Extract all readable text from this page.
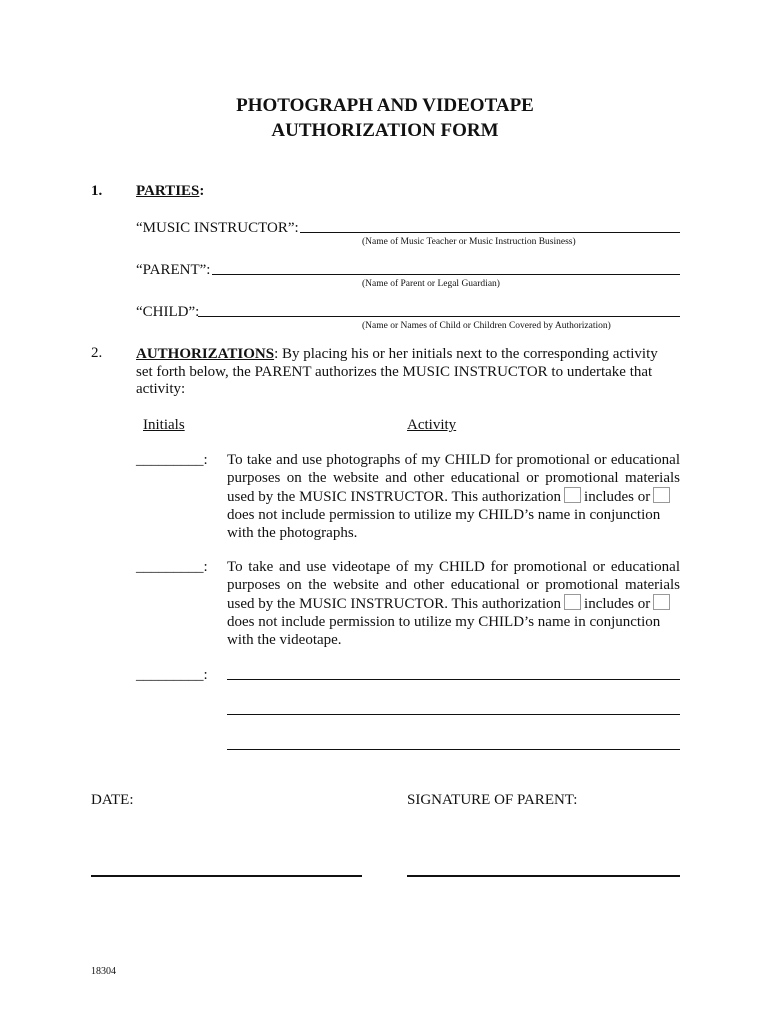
PHOTOGRAPH AND VIDEOTAPE
AUTHORIZATION FORM
1. PARTIES:
“MUSIC INSTRUCTOR”:
(Name of Music Teacher or Music Instruction Business)
“PARENT”:
(Name of Parent or Legal Guardian)
“CHILD”:
(Name or Names of Child or Children Covered by Authorization)
2. AUTHORIZATIONS: By placing his or her initials next to the corresponding activity
set forth below, the PARENT authorizes the MUSIC INSTRUCTOR to undertake that
activity:
Initials	Activity
_________: To take and use photographs of my CHILD for promotional or educational
purposes on the website and other educational or promotional materials
used by the MUSIC INSTRUCTOR. This authorization includes or
does not include permission to utilize my CHILD’s name in conjunction
with the photographs.
_________: To take and use videotape of my CHILD for promotional or educational
purposes on the website and other educational or promotional materials
used by the MUSIC INSTRUCTOR. This authorization includes or
does not include permission to utilize my CHILD’s name in conjunction
with the videotape.
_________:
DATE:	SIGNATURE OF PARENT:
18304
